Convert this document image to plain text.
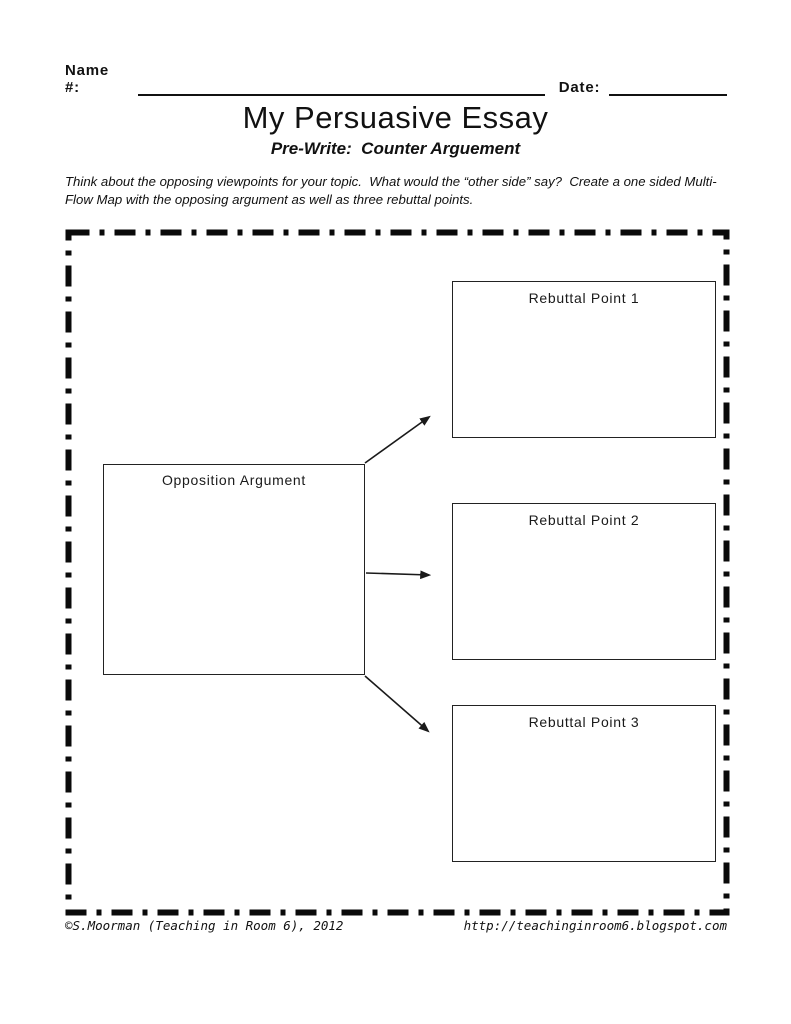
Name #:	Date:
My Persuasive Essay
Pre-Write:  Counter Arguement
Think about the opposing viewpoints for your topic.  What would the “other side” say?  Create a one sided Multi-
Flow Map with the opposing argument as well as three rebuttal points.
Opposition Argument
Rebuttal Point 1
Rebuttal Point 2
Rebuttal Point 3
©S.Moorman (Teaching in Room 6), 2012	http://teachinginroom6.blogspot.com
